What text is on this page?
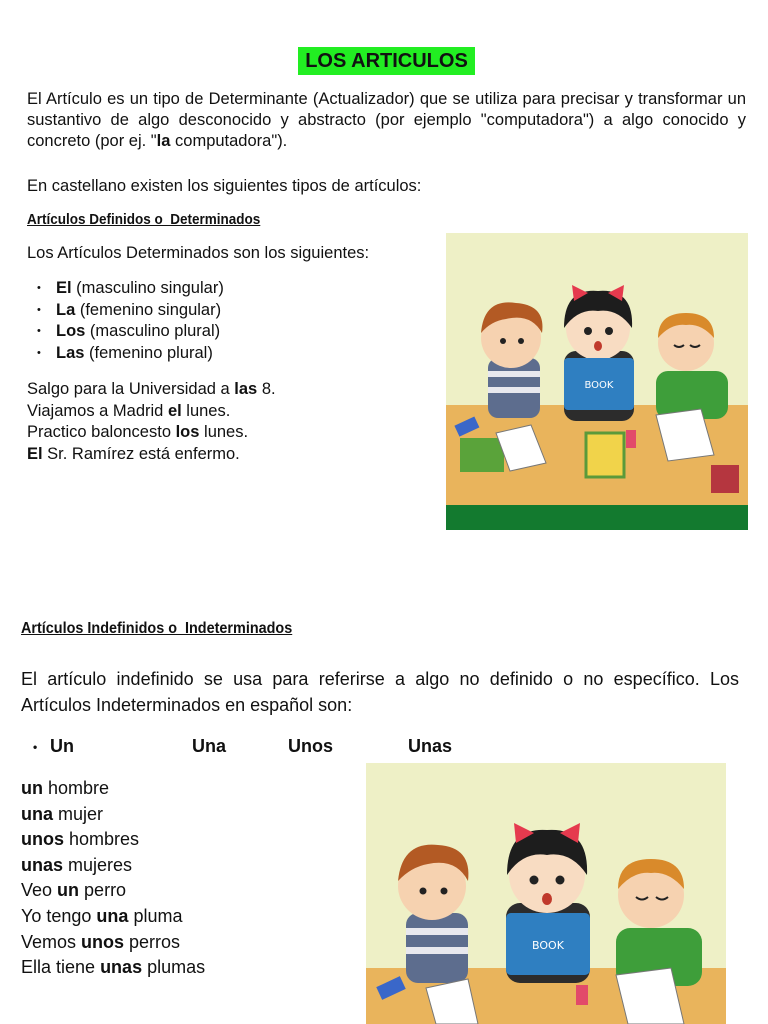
LOS ARTICULOS
El Artículo es un tipo de Determinante (Actualizador) que se utiliza para precisar y transformar un sustantivo de algo desconocido y abstracto (por ejemplo "computadora") a algo conocido y concreto (por ej. "la computadora").
En castellano existen los siguientes tipos de artículos:
Artículos Definidos o  Determinados
Los Artículos Determinados son los siguientes:
• El (masculino singular)
• La (femenino singular)
• Los (masculino plural)
• Las (femenino plural)
Salgo para la Universidad a las 8.
Viajamos a Madrid el lunes.
Practico baloncesto los lunes.
El Sr. Ramírez está enfermo.
BOOK
Artículos Indefinidos o  Indeterminados
El artículo indefinido se usa para referirse a algo no definido o no específico. Los Artículos Indeterminados en español son:
• Un	Una	Unos	Unas
un hombre
una mujer
unos hombres
unas mujeres
Veo un perro
Yo tengo una pluma
Vemos unos perros
Ella tiene unas plumas
BOOK
